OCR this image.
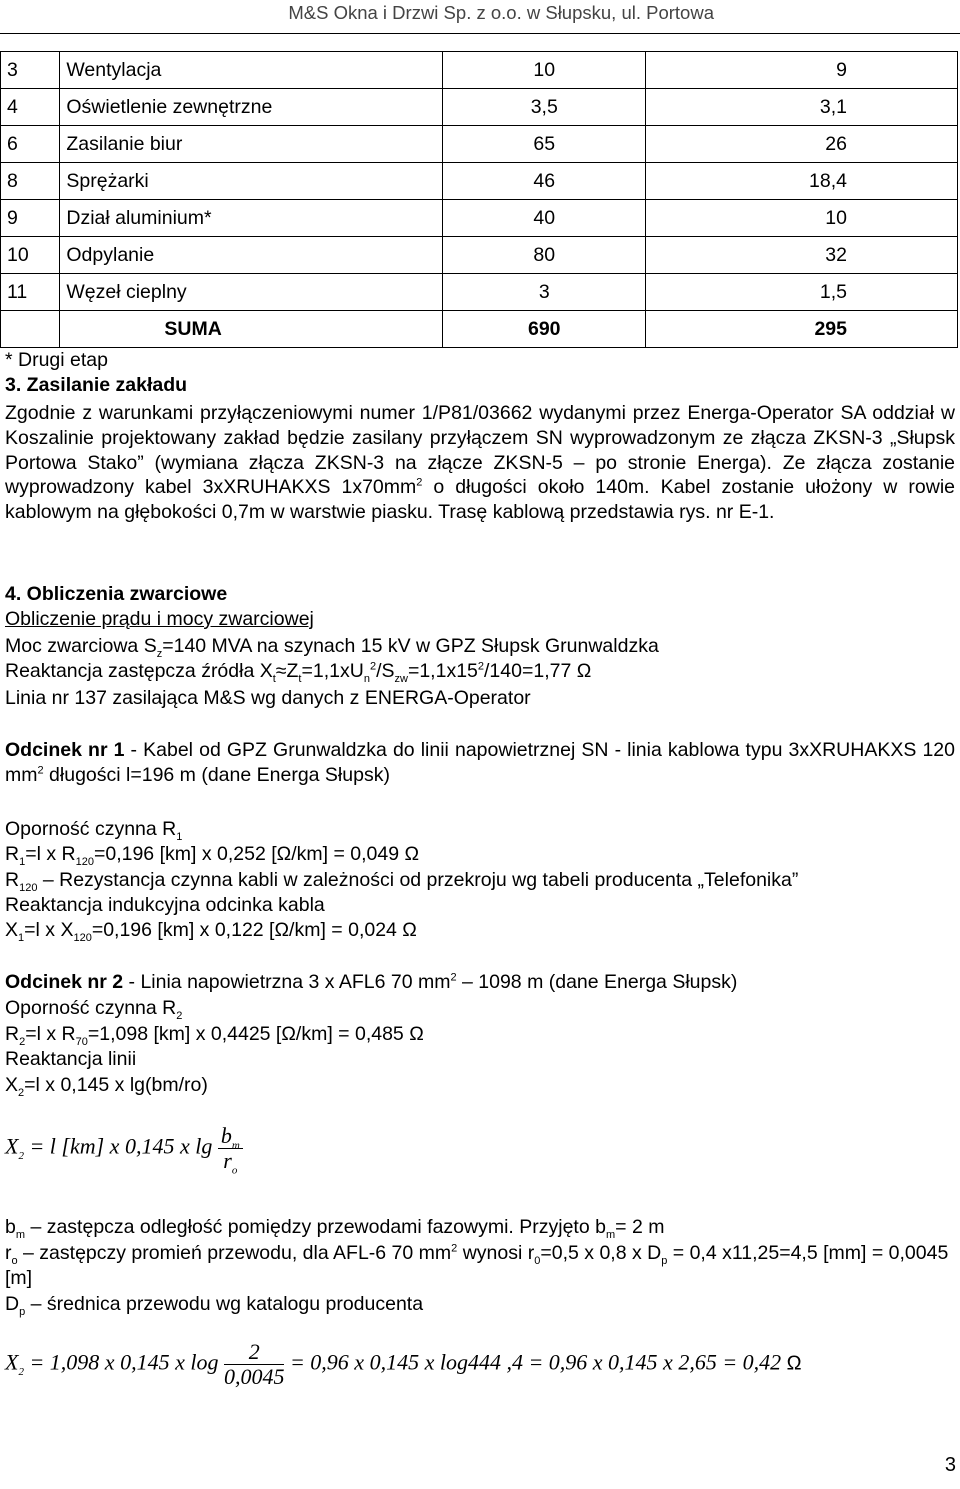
M&S Okna i Drzwi Sp. z o.o. w Słupsku, ul. Portowa
3	Wentylacja	10	9
4	Oświetlenie zewnętrzne	3,5	3,1
6	Zasilanie biur	65	26
8	Sprężarki	46	18,4
9	Dział aluminium*	40	10
10	Odpylanie	80	32
11	Węzeł cieplny	3	1,5
	SUMA	690	295
* Drugi etap
3. Zasilanie zakładu
Zgodnie z warunkami przyłączeniowymi numer 1/P81/03662 wydanymi przez Energa-Operator SA oddział w Koszalinie projektowany zakład będzie zasilany przyłączem SN wyprowadzonym ze złącza ZKSN-3 „Słupsk Portowa Stako” (wymiana złącza ZKSN-3 na złącze ZKSN-5 – po stronie Energa). Ze złącza zostanie wyprowadzony kabel 3xXRUHAKXS $1x70mm^2$ o długości około 140m. Kabel zostanie ułożony w rowie kablowym na głębokości 0,7m w warstwie piasku. Trasę kablową przedstawia rys. nr E-1.
4. Obliczenia zwarciowe
Obliczenie prądu i mocy zwarciowej
Moc zwarciowa $S_z=140$ MVA na szynach 15 kV w GPZ Słupsk Grunwaldzka
Reaktancja zastępcza źródła $X_t\approx Z_t=1,1xU_n^2/S_{zw}=1,1x15^2/140=1,77$ Ω
Linia nr 137 zasilająca M&S wg danych z ENERGA-Operator
Odcinek nr 1 - Kabel od GPZ Grunwaldzka do linii napowietrznej SN - linia kablowa typu 3xXRUHAKXS 120 $mm^2$ długości l=196 m (dane Energa Słupsk)
Oporność czynna $R_1$
$R_1=l$ x $R_{120}=0,196$ [km] x 0,252 [Ω/km] = 0,049 Ω
$R_{120}$ – Rezystancja czynna kabli w zależności od przekroju wg tabeli producenta „Telefonika”
Reaktancja indukcyjna odcinka kabla
$X_1=l$ x $X_{120}=0,196$ [km] x 0,122 [Ω/km] = 0,024 Ω
Odcinek nr 2 - Linia napowietrzna 3 x AFL6 70 $mm^2 - 1098$ m (dane Energa Słupsk)
Oporność czynna $R_2$
$R_2=l$ x $R_{70}=1,098$ [km] x 0,4425 [Ω/km] = 0,485 Ω
Reaktancja linii
$X_2=l$ x 0,145 x lg(bm/ro)
$X_2 = l$ [km] x 0,145 x $\lg \frac{b_m}{r_o}$
$b_m$ – zastępcza odległość pomiędzy przewodami fazowymi. Przyjęto $b_m= 2$ m
$r_o$ – zastępczy promień przewodu, dla AFL-6 70 $mm^2$ wynosi $r_0=0,5$ x 0,8 x $D_p = 0,4$ x11,25=4,5 [mm] = 0,0045 [m]
$D_p$ – średnica przewodu wg katalogu producenta
$X_2 = 1,098$ x 0,145 x $\log \frac{2}{0,0045} = 0,96$ x 0,145 x log444 ,4 = 0,96 x 0,145 x 2,65 = 0,42 Ω
3
